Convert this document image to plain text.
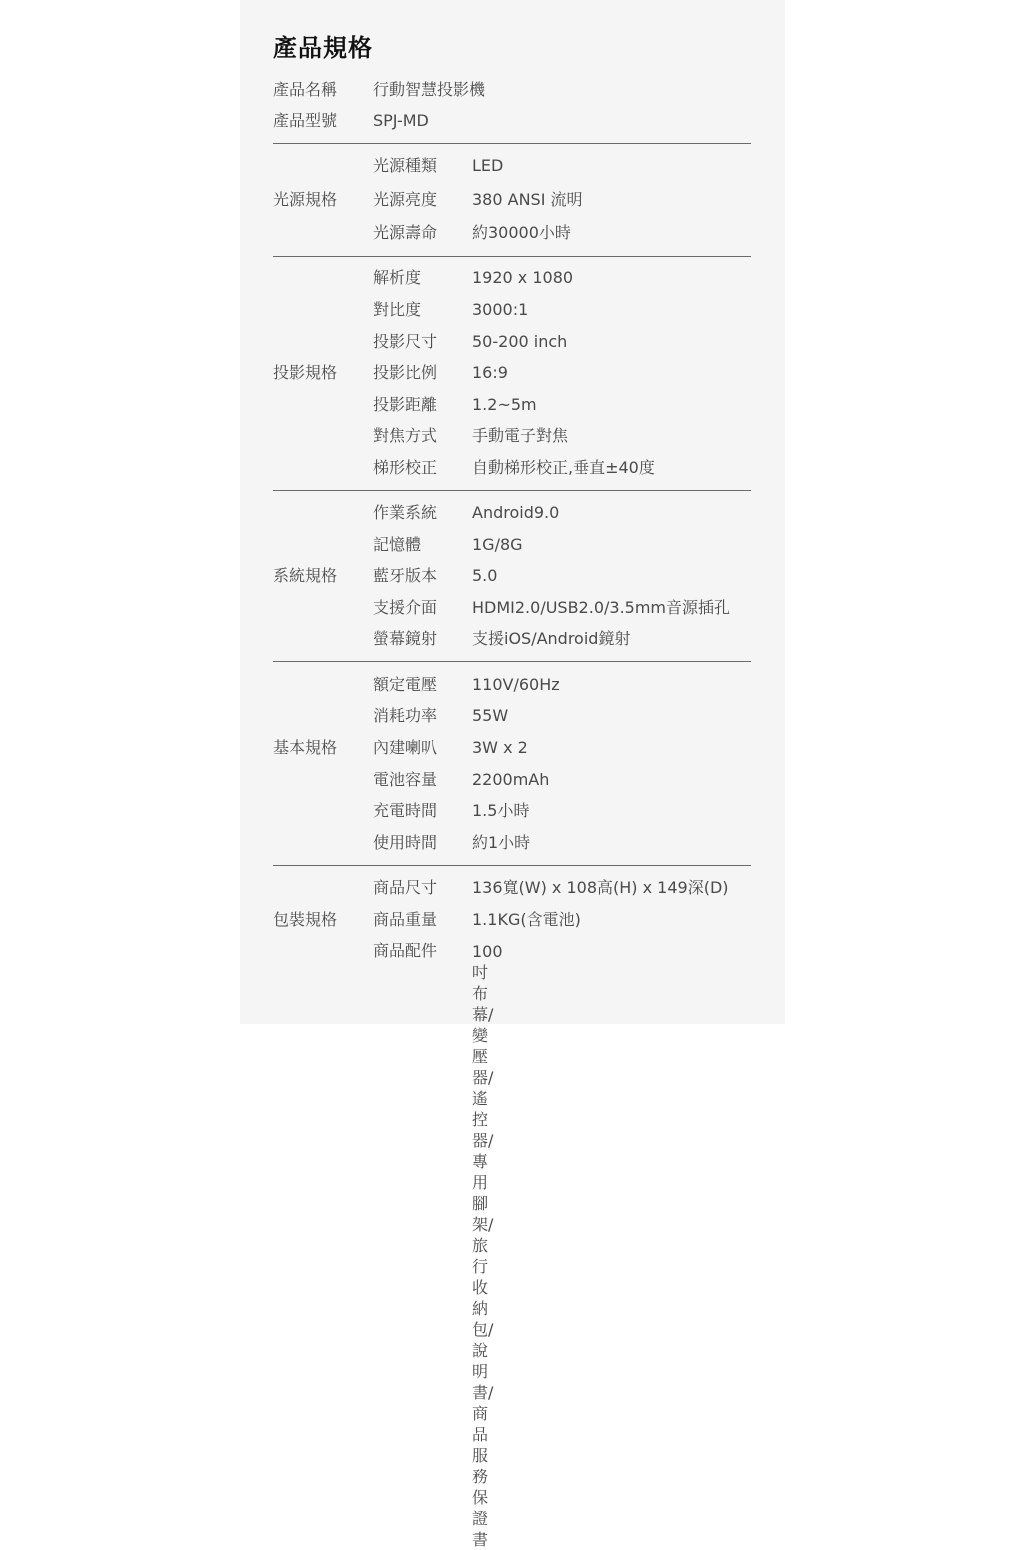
產品規格
產品名稱 行動智慧投影機
產品型號 SPJ-MD
光源規格
光源種類 LED
光源亮度 380 ANSI 流明
光源壽命 約30000小時
投影規格
解析度	1920 x 1080
對比度	3000:1
投影尺寸 50-200 inch
投影比例 16:9
投影距離 1.2~5m
對焦方式 手動電子對焦
梯形校正 自動梯形校正,垂直±40度
系統規格
作業系統 Android9.0
記憶體	1G/8G
藍牙版本 5.0
支援介面 HDMI2.0/USB2.0/3.5mm音源插孔
螢幕鏡射 支援iOS/Android鏡射
基本規格
額定電壓 110V/60Hz
消耗功率 55W
內建喇叭 3W x 2
電池容量 2200mAh
充電時間 1.5小時
使用時間 約1小時
包裝規格
商品尺寸 136寬(W) x 108高(H) x 149深(D)
商品重量 1.1KG(含電池)
商品配件 100吋布幕/變壓器/遙控器/
專用腳架/旅行收納包/說明書/
商品服務保證書
